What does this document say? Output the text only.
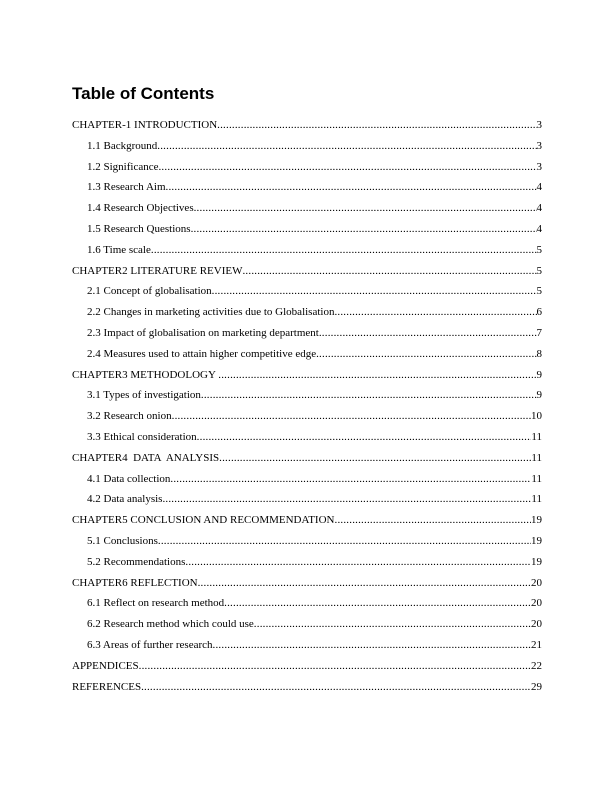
Table of Contents
CHAPTER-1 INTRODUCTION .....	3
1.1 Background .....	3
1.2 Significance .....	3
1.3 Research Aim .....	4
1.4 Research Objectives .....	4
1.5 Research Questions .....	4
1.6 Time scale .....	5
CHAPTER2 LITERATURE REVIEW .....	5
2.1 Concept of globalisation .....	5
2.2 Changes in marketing activities due to Globalisation .....	6
2.3 Impact of globalisation on marketing department .....	7
2.4 Measures used to attain higher competitive edge .....	8
CHAPTER3 METHODOLOGY .....	9
3.1 Types of investigation .....	9
3.2 Research onion .....	10
3.3 Ethical consideration .....	11
CHAPTER4  DATA  ANALYSIS .....	11
4.1 Data collection .....	11
4.2 Data analysis .....	11
CHAPTER5 CONCLUSION AND RECOMMENDATION .....	19
5.1 Conclusions .....	19
5.2 Recommendations .....	19
CHAPTER6 REFLECTION .....	20
6.1 Reflect on research method .....	20
6.2 Research method which could use .....	20
6.3 Areas of further research .....	21
APPENDICES .....	22
REFERENCES .....	29
